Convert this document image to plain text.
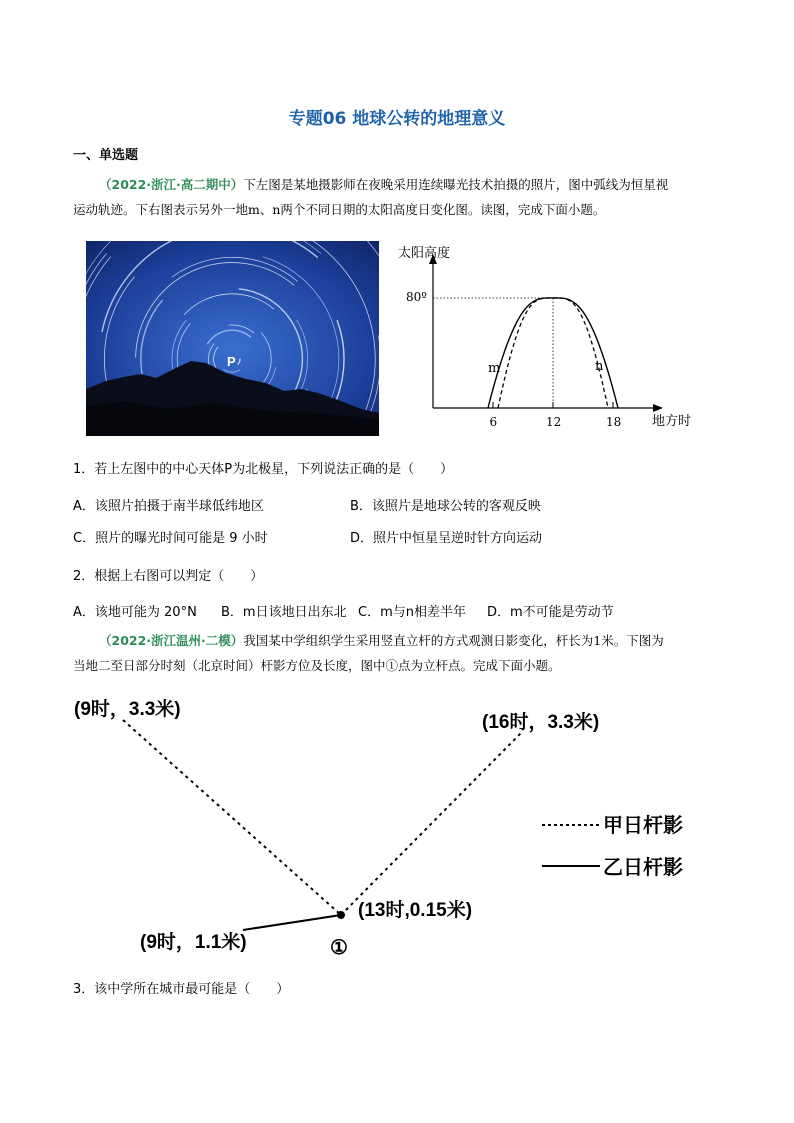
专题06 地球公转的地理意义
一、单选题
（2022·浙江·高二期中）下左图是某地摄影师在夜晚采用连续曝光技术拍摄的照片，图中弧线为恒星视
运动轨迹。下右图表示另外一地m、n两个不同日期的太阳高度日变化图。读图，完成下面小题。
P
太阳高度
地方时
80º
6	12	18
m	n
1．若上左图中的中心天体P为北极星，下列说法正确的是（　　）
A．该照片拍摄于南半球低纬地区	B．该照片是地球公转的客观反映
C．照片的曝光时间可能是 9 小时	D．照片中恒星呈逆时针方向运动
2．根据上右图可以判定（　　）
A．该地可能为 20°N B．m日该地日出东北 C．m与n相差半年 D．m不可能是劳动节
（2022·浙江温州·二模）我国某中学组织学生采用竖直立杆的方式观测日影变化，杆长为1米。下图为
当地二至日部分时刻（北京时间）杆影方位及长度，图中①点为立杆点。完成下面小题。
(9时，3.3米)
(16时，3.3米)
(13时,0.15米)
(9时，1.1米)	①
甲日杆影
乙日杆影
3．该中学所在城市最可能是（　　）
